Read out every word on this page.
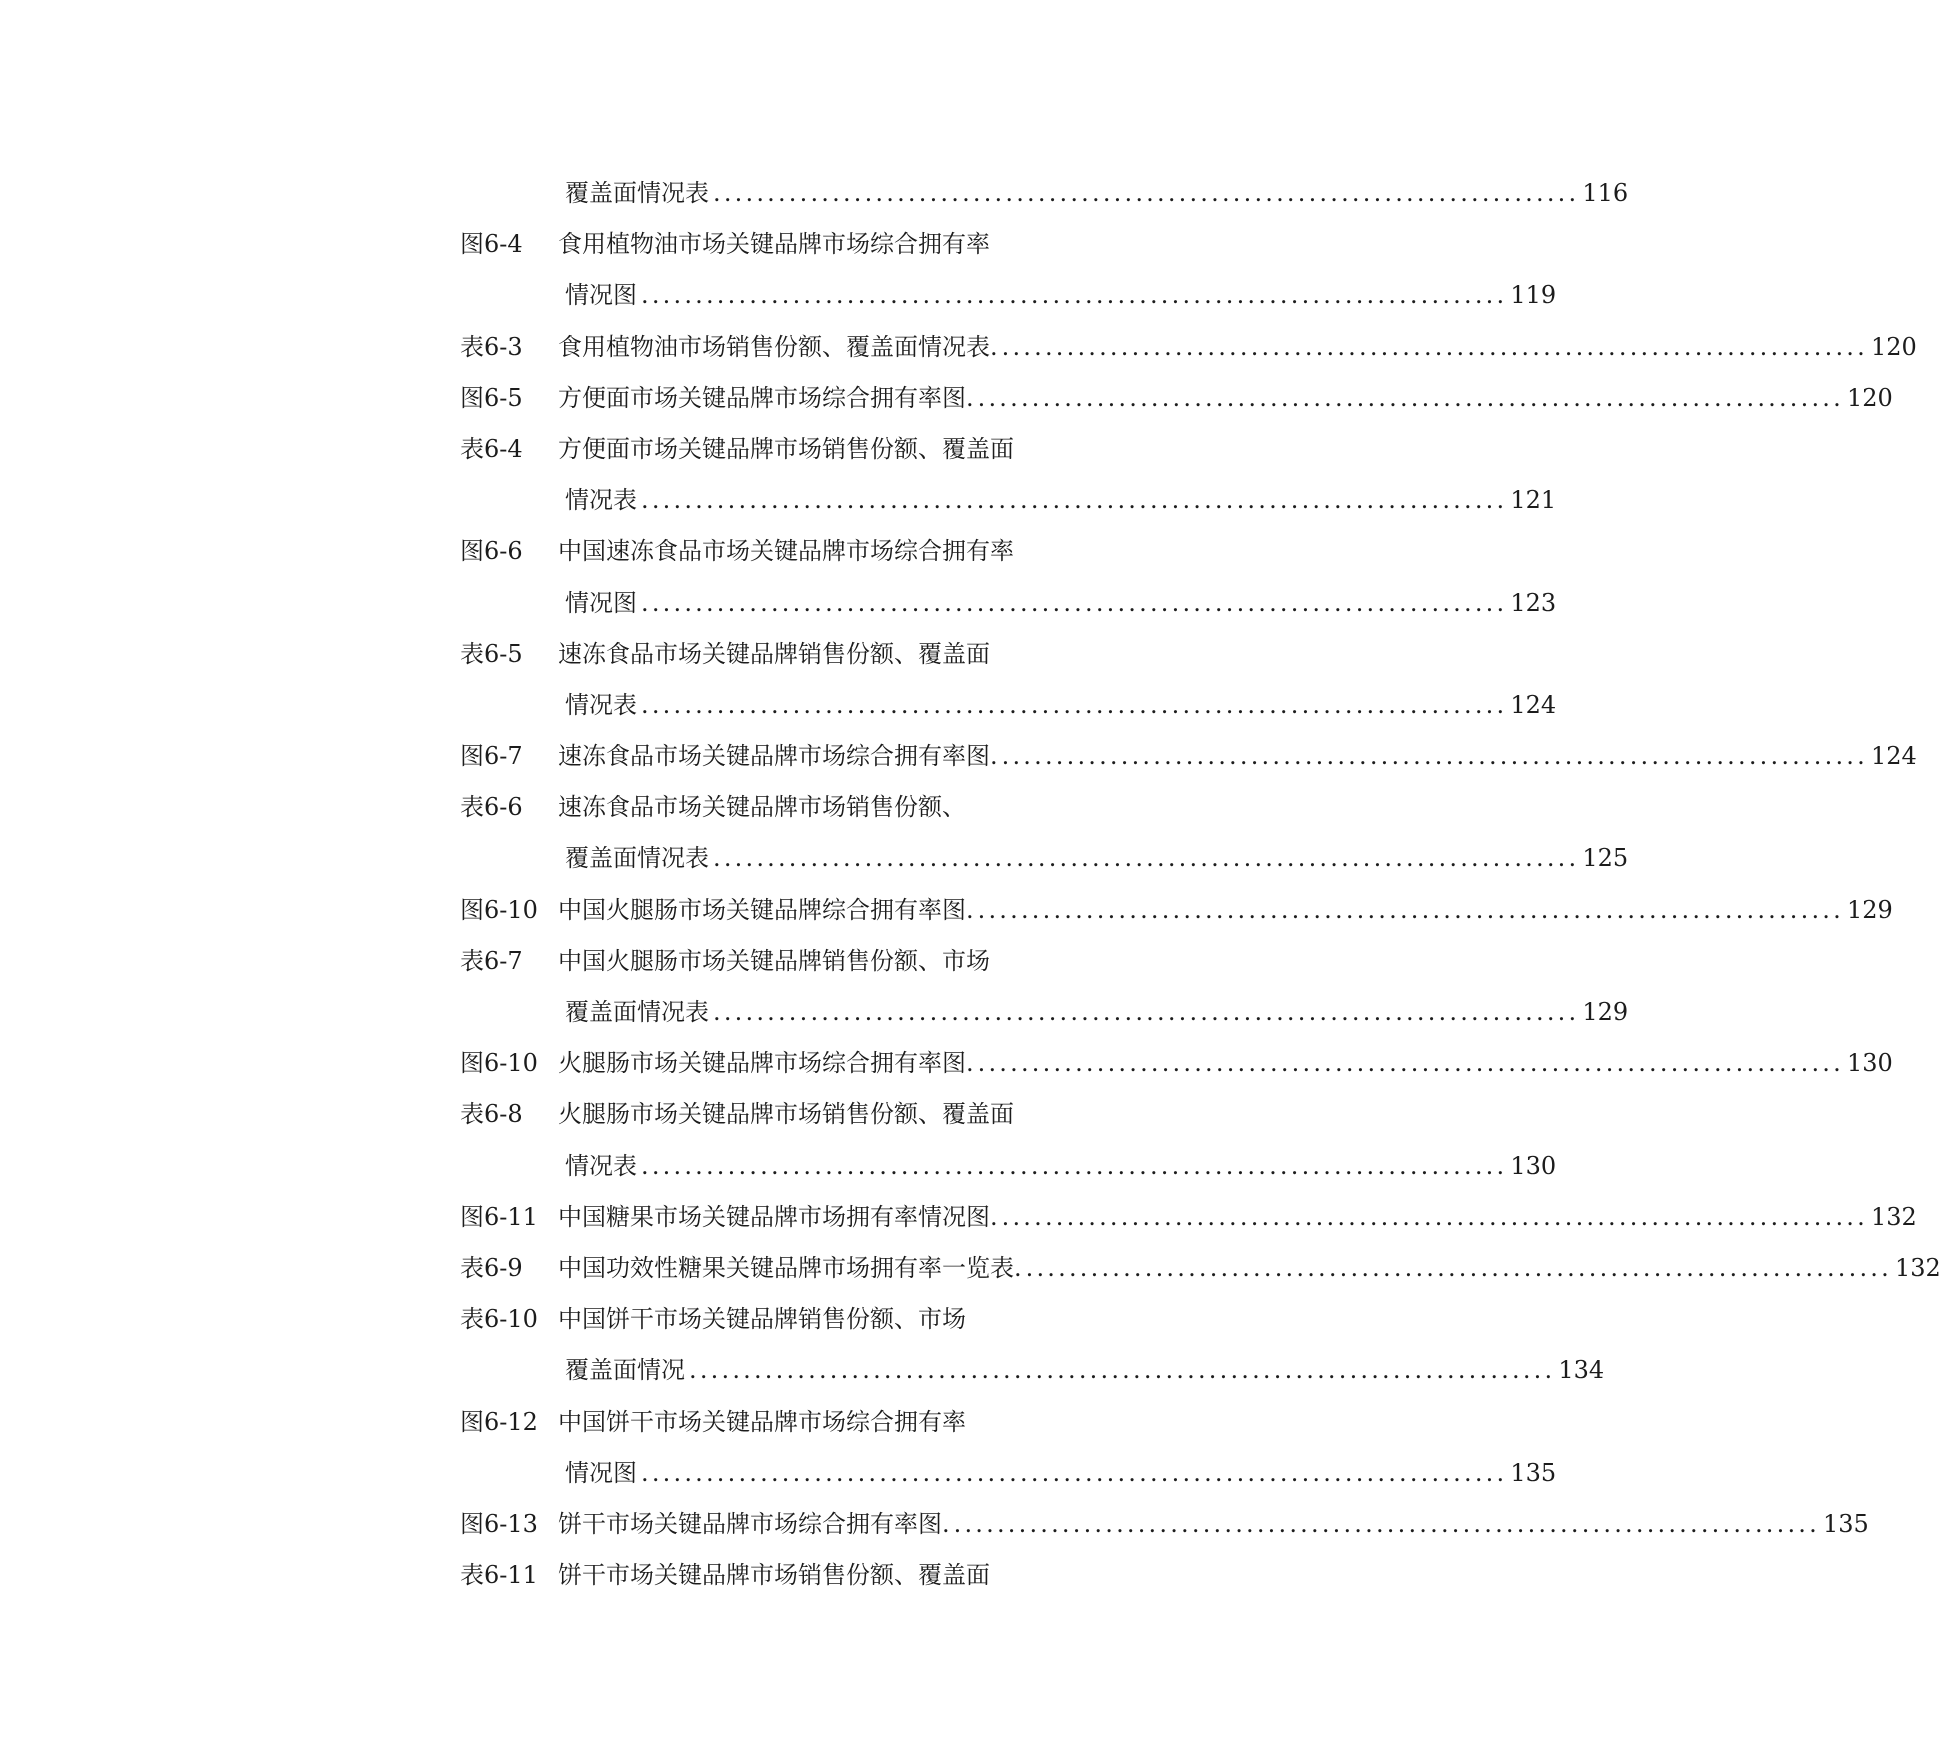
覆盖面情况表 ................................................................................ 116
图6-4 食用植物油市场关键品牌市场综合拥有率
情况图 ................................................................................ 119
表6-3 食用植物油市场销售份额、覆盖面情况表. ................................................................................ 120
图6-5 方便面市场关键品牌市场综合拥有率图. ................................................................................ 120
表6-4 方便面市场关键品牌市场销售份额、覆盖面
情况表 ................................................................................ 121
图6-6 中国速冻食品市场关键品牌市场综合拥有率
情况图 ................................................................................ 123
表6-5 速冻食品市场关键品牌销售份额、覆盖面
情况表 ................................................................................ 124
图6-7 速冻食品市场关键品牌市场综合拥有率图. ................................................................................ 124
表6-6 速冻食品市场关键品牌市场销售份额、
覆盖面情况表 ................................................................................ 125
图6-10 中国火腿肠市场关键品牌综合拥有率图. ................................................................................ 129
表6-7 中国火腿肠市场关键品牌销售份额、市场
覆盖面情况表 ................................................................................ 129
图6-10 火腿肠市场关键品牌市场综合拥有率图. ................................................................................ 130
表6-8 火腿肠市场关键品牌市场销售份额、覆盖面
情况表 ................................................................................ 130
图6-11 中国糖果市场关键品牌市场拥有率情况图. ................................................................................ 132
表6-9 中国功效性糖果关键品牌市场拥有率一览表. ................................................................................ 132
表6-10 中国饼干市场关键品牌销售份额、市场
覆盖面情况 ................................................................................ 134
图6-12 中国饼干市场关键品牌市场综合拥有率
情况图 ................................................................................ 135
图6-13 饼干市场关键品牌市场综合拥有率图. ................................................................................ 135
表6-11 饼干市场关键品牌市场销售份额、覆盖面
